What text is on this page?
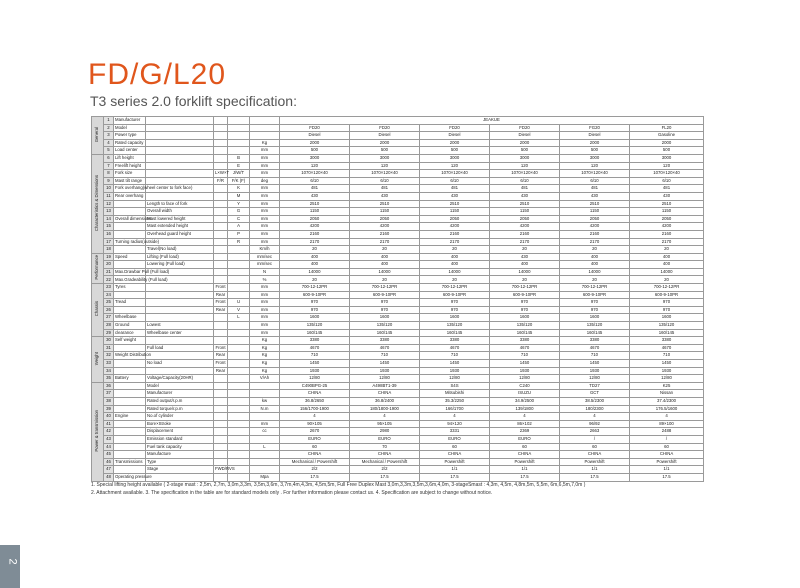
FD/G/L20
T3 series 2.0 forklift specification:
General	1	Manufacturer					JEAKUE					
	2	Model					FD20	FD20	FD20	FD20	FG20	FL20
	3	Power type					Diesel	Diesel	Diesel	Diesel	Diesel	Gasoline
	4	Rated capacity				Kg	2000	2000	2000	2000	2000	2000
	5	Load center				mm	500	500	500	500	500	500
Characteristics & Dimensions	6	Lift height			B	mm	3000	3000	3000	3000	3000	3000
	7	Freelift height			E	mm	120	120	120	120	120	120
	8	Fork size		L×W×T	J/W/T	mm	1070×120×40	1070×120×40	1070×120×40	1070×120×40	1070×120×40	1070×120×40
	9	Mast tilt range		F/R	F/K (F)	deg	6/10	6/10	6/10	6/10	6/10	6/10
	10	Fork overhang(wheel center to fork face)			K	mm	481	481	481	481	481	481
	11	Rear overhang			M	mm	430	430	430	430	430	430
	12		Length to face of fork		Y	mm	2510	2510	2510	2510	2510	2510
	13		Overall width		G	mm	1150	1150	1150	1150	1150	1150
	14	Overall dimensions	Mast lowered height		C	mm	2050	2050	2050	2050	2050	2050
	15		Mast extended height		A	mm	4200	4200	4200	4200	4200	4200
	16		Overhead guard height		P	mm	2160	2160	2160	2160	2160	2160
	17	Turning radius(outside)			R	mm	2170	2170	2170	2170	2170	2170
	18		Travel(No load)			Km/h	20	20	20	20	20	20
Performance	19	Speed	Lifting (Full load)			mm/sec	400	400	400	430	400	400
	20		Lowering (Full load)			mm/sec	400	400	400	400	400	400
	21	Max.Drawbar Pull (Full load)				N	14000	14000	14000	14000	14000	14000
	22	Max.Gradeability (Full load)				%	20	20	20	20	20	20
Chassis	23	Tyres		Front		mm	700-12-12PR	700-12-12PR	700-12-12PR	700-12-12PR	700-12-12PR	700-12-12PR
	24			Rear		mm	600-9-10PR	600-9-10PR	600-9-10PR	600-9-10PR	600-9-10PR	600-9-10PR
	25	Tread		Front	U	mm	970	970	970	970	970	970
	26			Rear	V	mm	970	970	970	970	970	970
	27	Wheelbase			L	mm	1600	1600	1600	1600	1600	1600
	28	Ground	Lowest			mm	135/120	135/120	135/120	135/120	135/120	135/120
	29	clearance	Wheelbase center			mm	160/145	160/145	160/145	160/145	160/145	160/145
Weight	30	Self weight				Kg	3380	3380	3380	3380	3380	3380
	31		Full load	Front		Kg	4670	4670	4670	4670	4670	4670
	32	Weight Distribution		Rear		Kg	710	710	710	710	710	710
	33		No load	Front		Kg	1450	1450	1450	1450	1450	1450
	34			Rear		Kg	1930	1930	1930	1930	1930	1930
	35	Battery	Voltage/Capacity(20HR)			V/Ah	12/80	12/80	12/80	12/80	12/80	12/80
Power & transmission	36		Model				C490BPG-25	A498BT1-39	S4S	C240	TD27	K25
	37		Manufacturer				CHINA	CHINA	Mitsubishi	ISUZU	GCT	Nissan
	38		Rated output/r.p.m			kw	36.8/2650	36.8/2400	35.3/2250	34.9/2500	38.5/2300	37.4/2300
	39		Rated torque/r.p.m			N.m	156/1700-1900	180/1800-1900	166/1700	139/1800	180/2300	176.5/1600
	40	Engine	No.of cylinder				4	4	4	4	4	4
	41		Bore×Stroke			mm	90×105	95×105	94×120	86×102	96/92	89×100
	42		Displacement			cc	2670	2980	3331	2369	2663	2488
	43		Emission standard				EURO	EURO	EURO	EURO	/	/
	44		Fuel tank capacity			L	60	70	60	60	60	60
	45		Manufacture				CHINA	CHINA	CHINA	CHINA	CHINA	CHINA
	46	Transmissions	Type				Mechanical / Powershift	Mechanical / Powershift	Powershift	Powershift	Powershift	Powershift
	47		Stage	FWD/RVS			2/2	2/2	1/1	1/1	1/1	1/1
	48	Operating pressure				Mpa	17.5	17.5	17.5	17.5	17.5	17.5
1. Special lifting height available ( 2-stage mast : 2,5m, 2,7m, 3,0m,3,3m, 3,5m,3,6m, 3,7m,4m,4,3m, 4,5m,5m, Full Free Duplex Mast 3,0m,3,3m,3,5m,3,6m,4,0m, 3-stageSmast : 4,3m, 4,5m, 4,8m,5m, 5,5m, 6m,6,5m,7,0m )
2. Attachment available. 3. The specification in the table are for standard models only . For further information please contact us. 4. Specification are subject to change without notice.
2
